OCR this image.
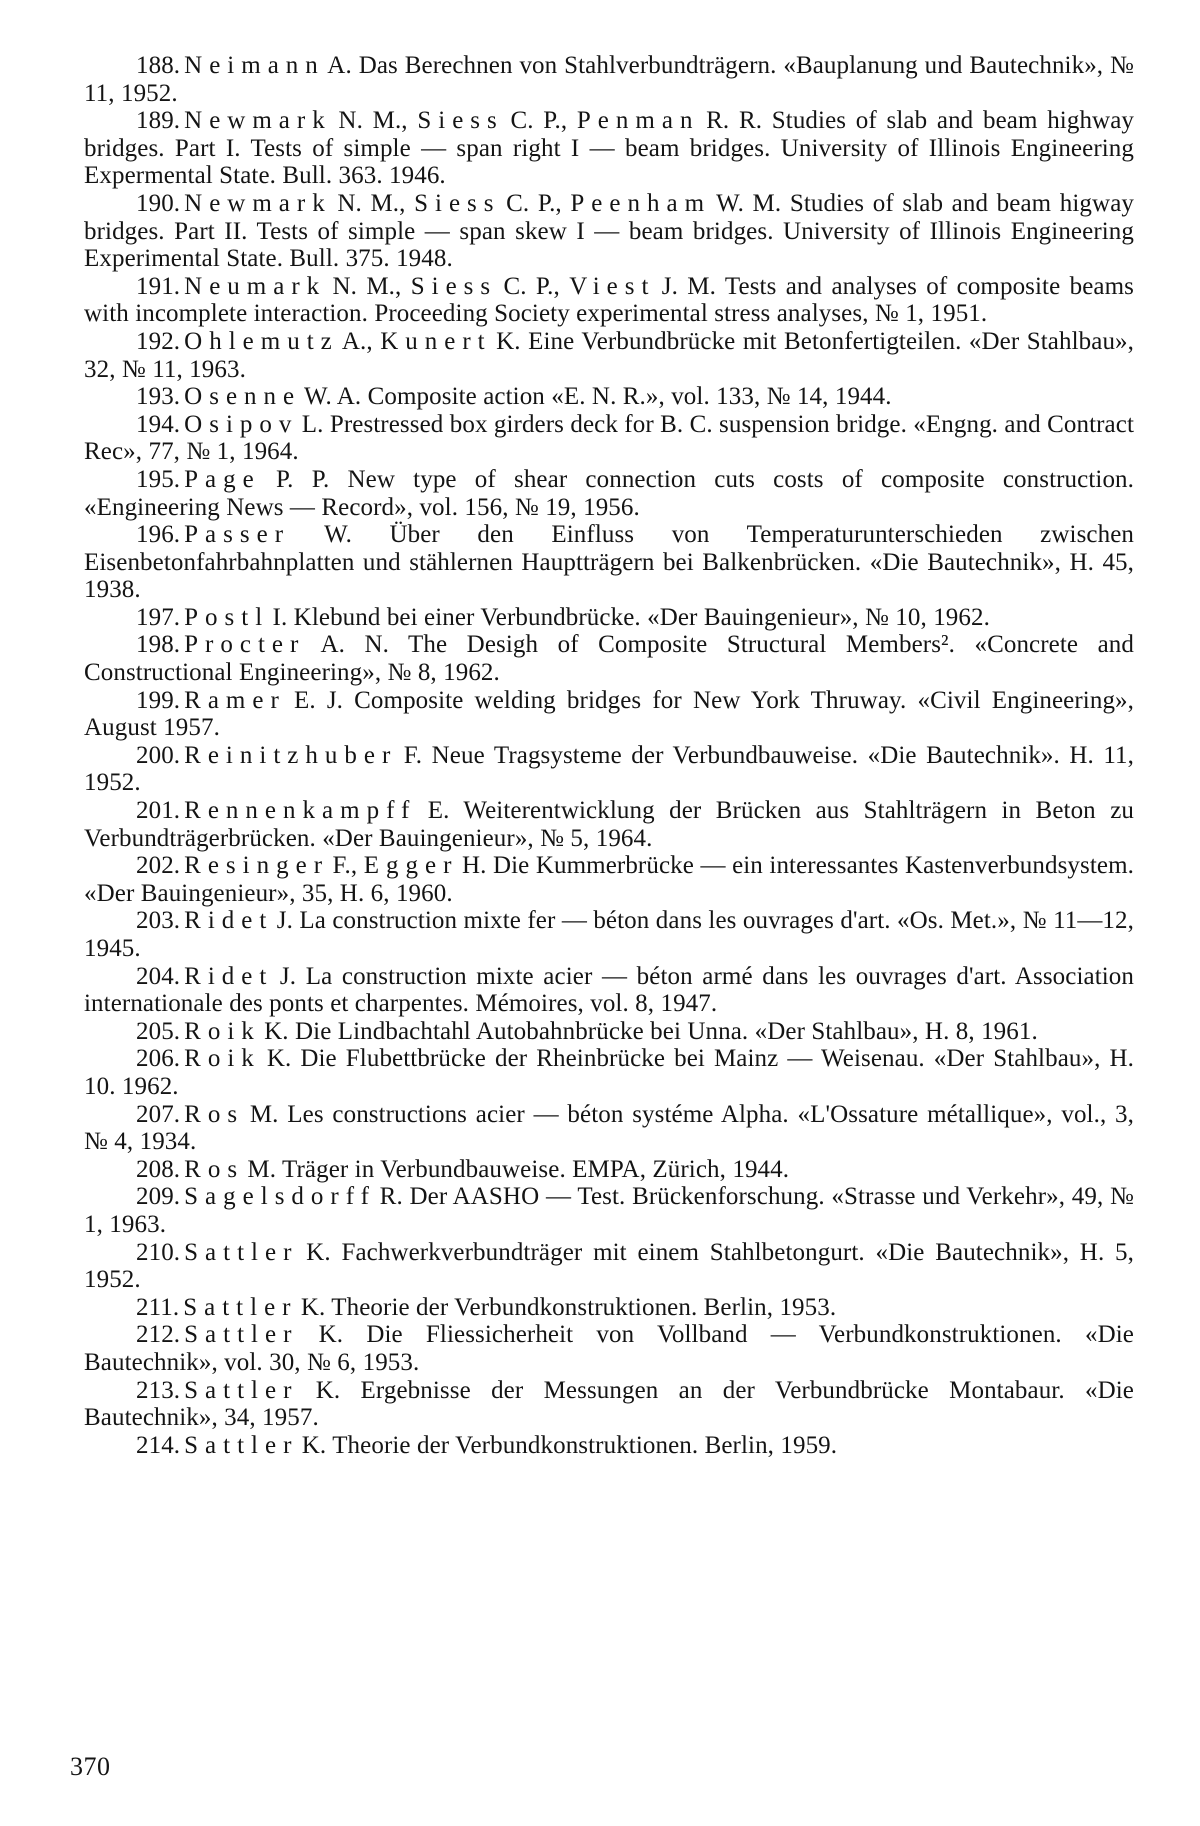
188. Neimann A. Das Berechnen von Stahlverbundträgern. «Bauplanung und Bautechnik», № 11, 1952.
189. Newmark N. M., Siess C. P., Penman R. R. Studies of slab and beam highway bridges. Part I. Tests of simple — span right I — beam bridges. University of Illinois Engineering Expermental State. Bull. 363. 1946.
190. Newmark N. M., Siess C. P., Peenham W. M. Studies of slab and beam higway bridges. Part II. Tests of simple — span skew I — beam bridges. University of Illinois Engineering Experimental State. Bull. 375. 1948.
191. Neumark N. M., Siess C. P., Viest J. M. Tests and analyses of composite beams with incomplete interaction. Proceeding Society experimental stress analyses, № 1, 1951.
192. Ohlemutz A., Kunert K. Eine Verbundbrücke mit Betonfertigteilen. «Der Stahlbau», 32, № 11, 1963.
193. Osenne W. A. Composite action «E. N. R.», vol. 133, № 14, 1944.
194. Osipov L. Prestressed box girders deck for B. C. suspension bridge. «Engng. and Contract Rec», 77, № 1, 1964.
195. Page P. P. New type of shear connection cuts costs of composite construction. «Engineering News — Record», vol. 156, № 19, 1956.
196. Passer W. Über den Einfluss von Temperaturunterschieden zwischen Eisenbetonfahrbahnplatten und stählernen Hauptträgern bei Balkenbrücken. «Die Bautechnik», H. 45, 1938.
197. Postl I. Klebund bei einer Verbundbrücke. «Der Bauingenieur», № 10, 1962.
198. Procter A. N. The Desigh of Composite Structural Members². «Concrete and Constructional Engineering», № 8, 1962.
199. Ramer E. J. Composite welding bridges for New York Thruway. «Civil Engineering», August 1957.
200. Reinitzhuber F. Neue Tragsysteme der Verbundbauweise. «Die Bautechnik». H. 11, 1952.
201. Rennenkampff E. Weiterentwicklung der Brücken aus Stahlträgern in Beton zu Verbundträgerbrücken. «Der Bauingenieur», № 5, 1964.
202. Resinger F., Egger H. Die Kummerbrücke — ein interessantes Kastenverbundsystem. «Der Bauingenieur», 35, H. 6, 1960.
203. Ridet J. La construction mixte fer — béton dans les ouvrages d'art. «Os. Met.», № 11—12, 1945.
204. Ridet J. La construction mixte acier — béton armé dans les ouvrages d'art. Association internationale des ponts et charpentes. Mémoires, vol. 8, 1947.
205. Roik K. Die Lindbachtahl Autobahnbrücke bei Unna. «Der Stahlbau», H. 8, 1961.
206. Roik K. Die Flubettbrücke der Rheinbrücke bei Mainz — Weisenau. «Der Stahlbau», H. 10. 1962.
207. Ros M. Les constructions acier — béton systéme Alpha. «L'Ossature métallique», vol., 3, № 4, 1934.
208. Ros M. Träger in Verbundbauweise. EMPA, Zürich, 1944.
209. Sagelsdorff R. Der AASHO — Test. Brückenforschung. «Strasse und Verkehr», 49, № 1, 1963.
210. Sattler K. Fachwerkverbundträger mit einem Stahlbetongurt. «Die Bautechnik», H. 5, 1952.
211. Sattler K. Theorie der Verbundkonstruktionen. Berlin, 1953.
212. Sattler K. Die Fliessicherheit von Vollband — Verbundkonstruktionen. «Die Bautechnik», vol. 30, № 6, 1953.
213. Sattler K. Ergebnisse der Messungen an der Verbundbrücke Montabaur. «Die Bautechnik», 34, 1957.
214. Sattler K. Theorie der Verbundkonstruktionen. Berlin, 1959.
370
